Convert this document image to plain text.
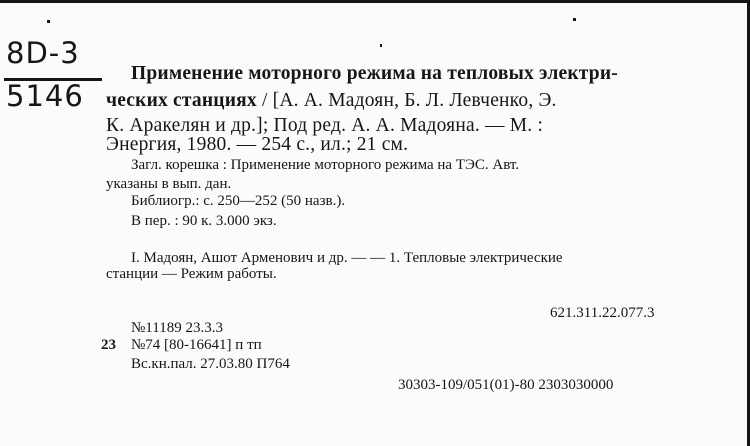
8D-3

5146

Применение моторного режима на тепловых электри-

ческих станциях / [А. А. Мадоян, Б. Л. Левченко, Э.

К. Аракелян и др.]; Под ред. А. А. Мадояна. — М. :

Энергия, 1980. — 254 с., ил.; 21 см.

Загл. корешка : Применение моторного режима на ТЭС. Авт.

указаны в вып. дан.

Библиогр.: с. 250—252 (50 назв.).

В пер. : 90 к. 3.000 экз.

I. Мадоян, Ашот Арменович и др. — — 1. Тепловые электрические

станции — Режим работы.

621.311.22.077.3

№11189 23.3.3

23 №74 [80-16641] п тп

Вс.кн.пал. 27.03.80 П764

30303-109/051(01)-80 2303030000
